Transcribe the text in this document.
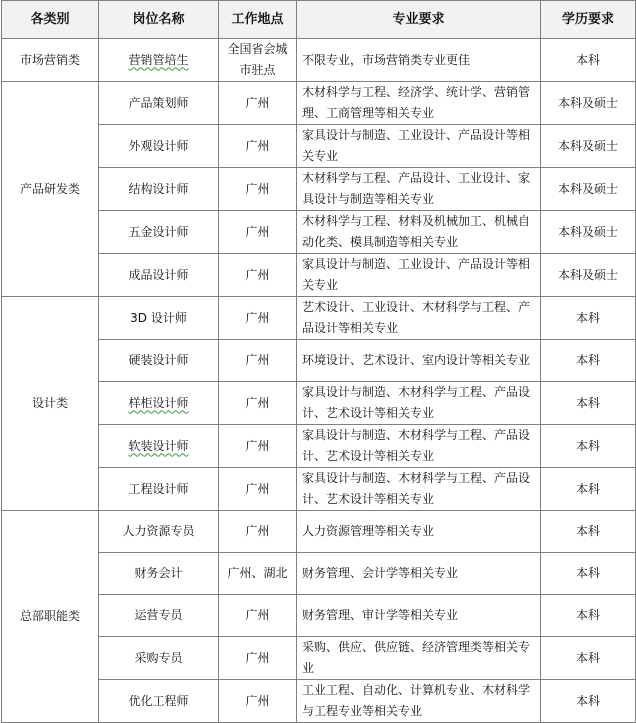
各类别	岗位名称	工作地点	专业要求	学历要求
市场营销类	营销管培生	全国省会城市驻点	不限专业，市场营销类专业更佳	本科
产品研发类	产品策划师	广州	木材科学与工程、经济学、统计学、营销管理、工商管理等相关专业	本科及硕士
	外观设计师	广州	家具设计与制造、工业设计、产品设计等相关专业	本科及硕士
	结构设计师	广州	木材科学与工程、产品设计、工业设计、家具设计与制造等相关专业	本科及硕士
	五金设计师	广州	木材科学与工程、材料及机械加工、机械自动化类、模具制造等相关专业	本科及硕士
	成品设计师	广州	家具设计与制造、工业设计、产品设计等相关专业	本科及硕士
设计类	3D 设计师	广州	艺术设计、工业设计、木材科学与工程、产品设计等相关专业	本科
	硬装设计师	广州	环境设计、艺术设计、室内设计等相关专业	本科
	样柜设计师	广州	家具设计与制造、木材科学与工程、产品设计、艺术设计等相关专业	本科
	软装设计师	广州	家具设计与制造、木材科学与工程、产品设计、艺术设计等相关专业	本科
	工程设计师	广州	家具设计与制造、木材科学与工程、产品设计、艺术设计等相关专业	本科
总部职能类	人力资源专员	广州	人力资源管理等相关专业	本科
	财务会计	广州、湖北	财务管理、会计学等相关专业	本科
	运营专员	广州	财务管理、审计学等相关专业	本科
	采购专员	广州	采购、供应、供应链、经济管理类等相关专业	本科
	优化工程师	广州	工业工程、自动化、计算机专业、木材科学与工程专业等相关专业	本科
